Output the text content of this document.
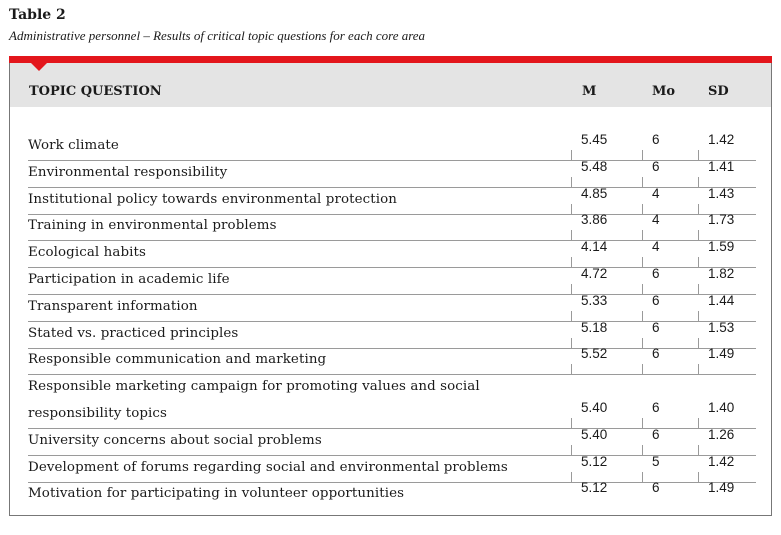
Table 2
Administrative personnel – Results of critical topic questions for each core area
TOPIC QUESTION	M	Mo	SD
Work climate	5.45	6	1.42
Environmental responsibility	5.48	6	1.41
Institutional policy towards environmental protection	4.85	4	1.43
Training in environmental problems	3.86	4	1.73
Ecological habits	4.14	4	1.59
Participation in academic life	4.72	6	1.82
Transparent information	5.33	6	1.44
Stated vs. practiced principles	5.18	6	1.53
Responsible communication and marketing	5.52	6	1.49
Responsible marketing campaign for promoting values and social
responsibility topics	5.40	6	1.40
University concerns about social problems	5.40	6	1.26
Development of forums regarding social and environmental problems	5.12	5	1.42
Motivation for participating in volunteer opportunities	5.12	6	1.49
